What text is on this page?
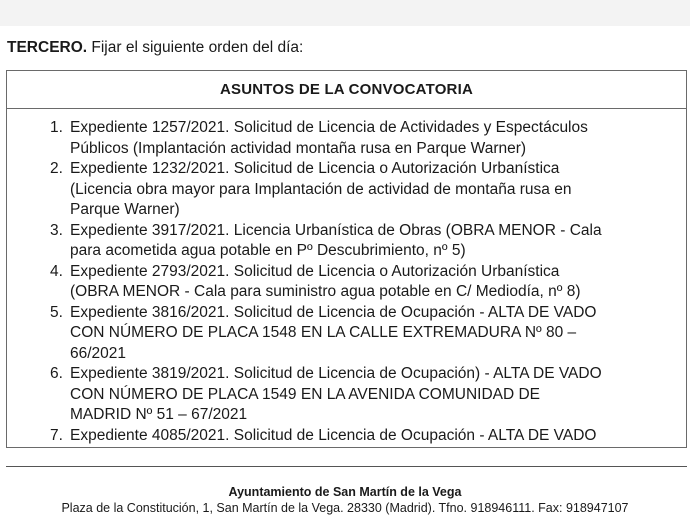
TERCERO. Fijar el siguiente orden del día:
ASUNTOS DE LA CONVOCATORIA
1. Expediente 1257/2021. Solicitud de Licencia de Actividades y Espectáculos
Públicos (Implantación actividad montaña rusa en Parque Warner)
2. Expediente 1232/2021. Solicitud de Licencia o Autorización Urbanística
(Licencia obra mayor para Implantación de actividad de montaña rusa en
Parque Warner)
3. Expediente 3917/2021. Licencia Urbanística de Obras (OBRA MENOR - Cala
para acometida agua potable en Pº Descubrimiento, nº 5)
4. Expediente 2793/2021. Solicitud de Licencia o Autorización Urbanística
(OBRA MENOR - Cala para suministro agua potable en C/ Mediodía, nº 8)
5. Expediente 3816/2021. Solicitud de Licencia de Ocupación - ALTA DE VADO
CON NÚMERO DE PLACA 1548 EN LA CALLE EXTREMADURA Nº 80 –
66/2021
6. Expediente 3819/2021. Solicitud de Licencia de Ocupación) - ALTA DE VADO
CON NÚMERO DE PLACA 1549 EN LA AVENIDA COMUNIDAD DE
MADRID Nº 51 – 67/2021
7. Expediente 4085/2021. Solicitud de Licencia de Ocupación - ALTA DE VADO
Ayuntamiento de San Martín de la Vega
Plaza de la Constitución, 1, San Martín de la Vega. 28330 (Madrid). Tfno. 918946111. Fax: 918947107
